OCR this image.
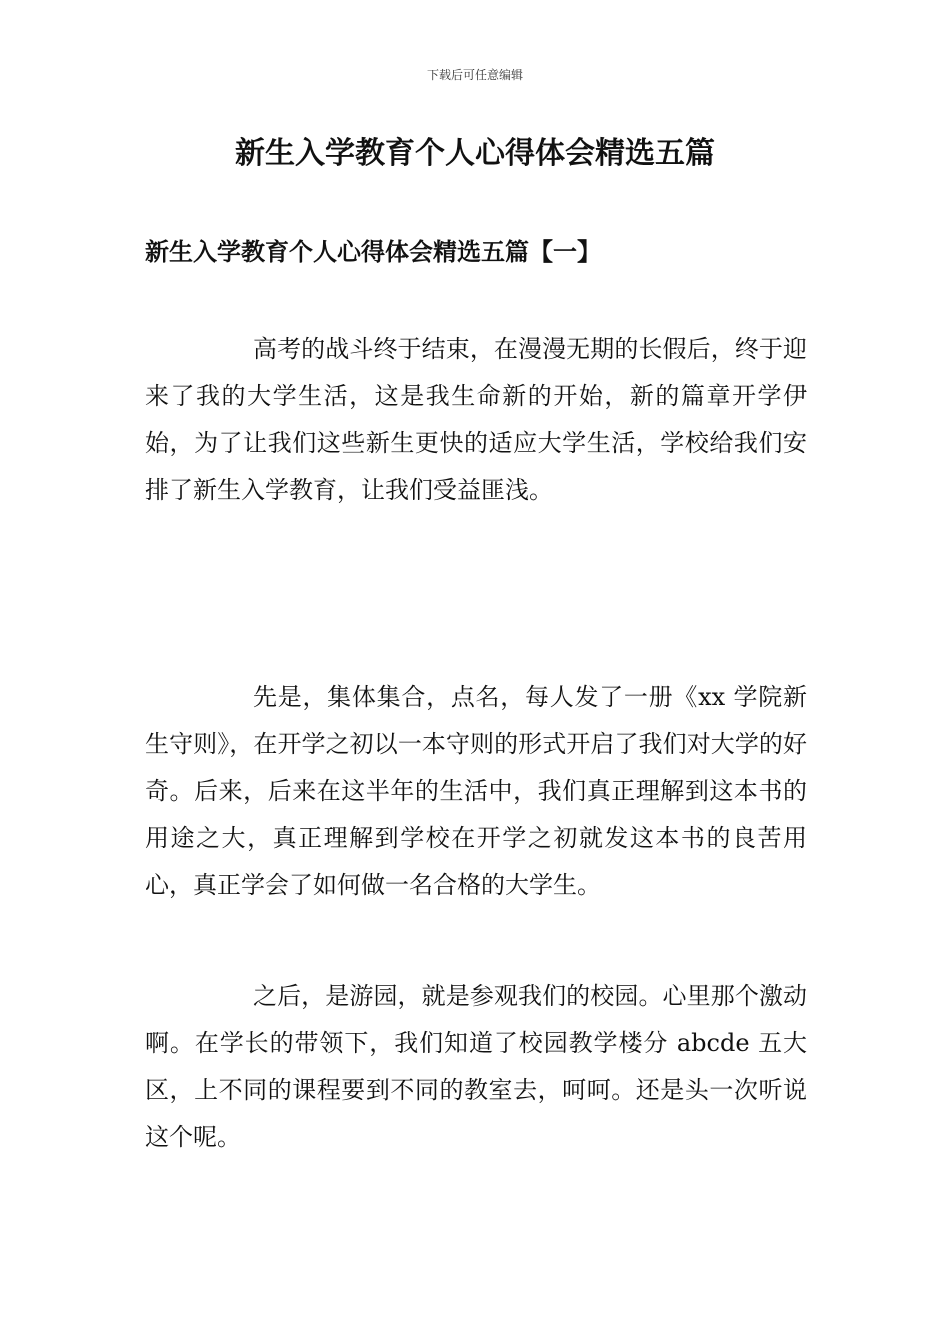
下载后可任意编辑
新生入学教育个人心得体会精选五篇
新生入学教育个人心得体会精选五篇【一】

高考的战斗终于结束，在漫漫无期的长假后，终于迎来了我的大学生活，这是我生命新的开始，新的篇章开学伊始，为了让我们这些新生更快的适应大学生活，学校给我们安排了新生入学教育，让我们受益匪浅。

先是，集体集合，点名，每人发了一册《xx 学院新生守则》，在开学之初以一本守则的形式开启了我们对大学的好奇。后来，后来在这半年的生活中，我们真正理解到这本书的用途之大，真正理解到学校在开学之初就发这本书的良苦用心，真正学会了如何做一名合格的大学生。

之后，是游园，就是参观我们的校园。心里那个激动啊。在学长的带领下，我们知道了校园教学楼分 abcde 五大区，上不同的课程要到不同的教室去，呵呵。还是头一次听说这个呢。
